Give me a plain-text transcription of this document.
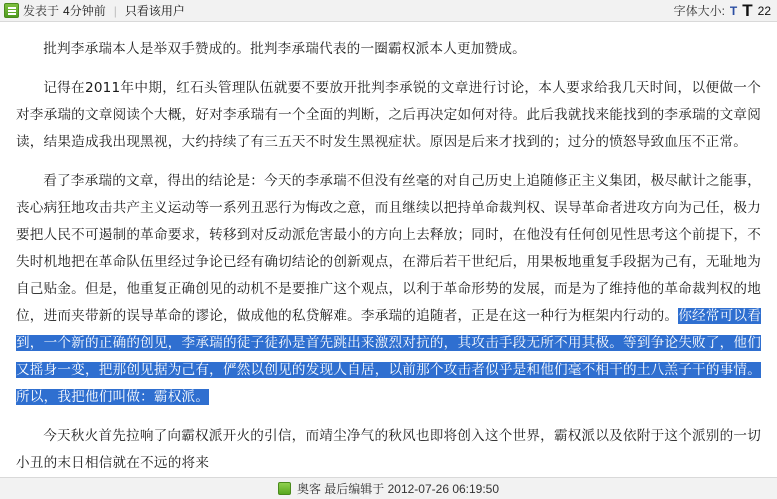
发表于 4分钟前 | 只看该用户	字体大小: T T 22

批判李承瑞本人是举双手赞成的。批判李承瑞代表的一圈霸权派本人更加赞成。

记得在2011年中期，红石头管理队伍就要不要放开批判李承锐的文章进行讨论，本人要求给我几天时间，以便做一个对李承瑞的文章阅读个大概，好对李承瑞有一个全面的判断，之后再决定如何对待。此后我就找来能找到的李承瑞的文章阅读，结果造成我出现黑视，大约持续了有三五天不时发生黑视症状。原因是后来才找到的；过分的愤怒导致血压不正常。

看了李承瑞的文章，得出的结论是：今天的李承瑞不但没有丝毫的对自己历史上追随修正主义集团，极尽献计之能事，丧心病狂地攻击共产主义运动等一系列丑恶行为悔改之意，而且继续以把持单命裁判权、误导革命者进攻方向为己任，极力要把人民不可遏制的革命要求，转移到对反动派危害最小的方向上去释放；同时，在他没有任何创见性思考这个前提下，不失时机地把在革命队伍里经过争论已经有确切结论的创新观点，在滞后若干世纪后，用果板地重复手段据为己有，无耻地为自己贴金。但是，他重复正确创见的动机不是要推广这个观点，以利于革命形势的发展，而是为了维持他的革命裁判权的地位，进而夹带新的误导革命的谬论，做成他的私贷解难。李承瑞的追随者，正是在这一种行为框架内行动的。你经常可以看到，一个新的正确的创见，李承瑞的徒子徒孙是首先跳出来激烈对抗的，其攻击手段无所不用其极。等到争论失败了，他们又摇身一变，把那创见据为己有，俨然以创见的发现人自居，以前那个攻击者似乎是和他们毫不相干的土八羔子干的事情。所以，我把他们叫做：霸权派。

今天秋火首先拉响了向霸权派开火的引信，而靖尘净气的秋风也即将创入这个世界，霸权派以及依附于这个派别的一切小丑的末日相信就在不远的将来

奥客 最后编辑于 2012-07-26 06:19:50
